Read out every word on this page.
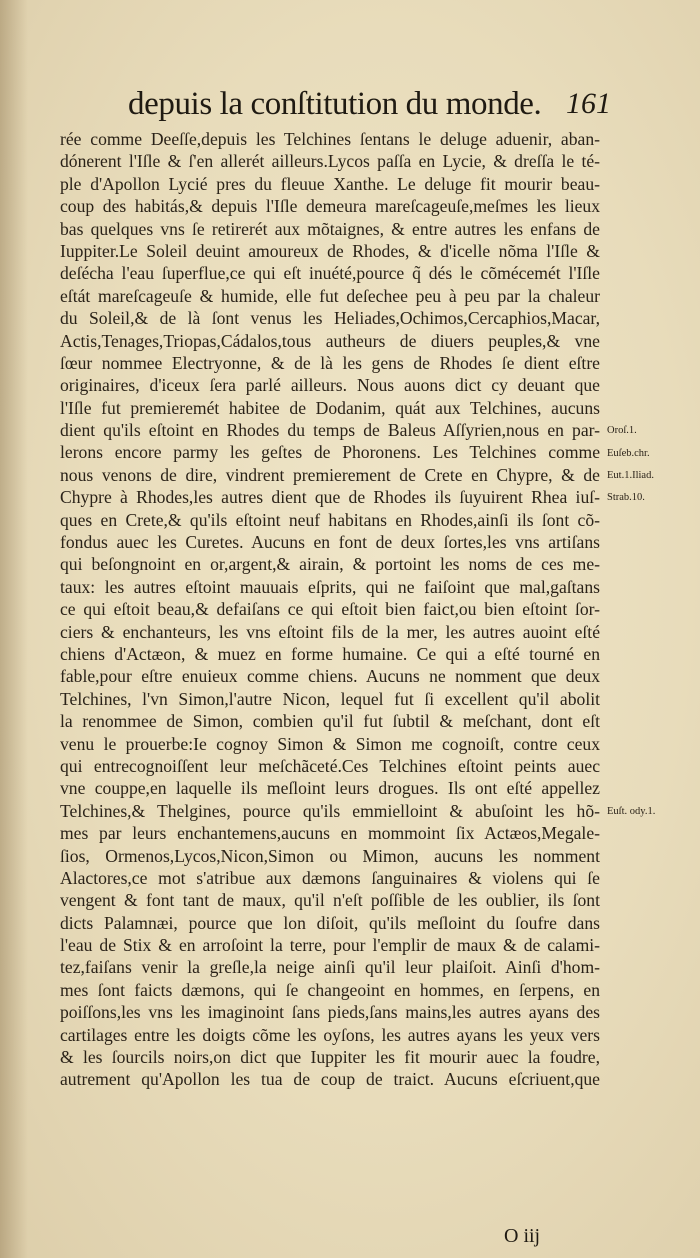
depuis la conſtitution du monde. 161
rée comme Deeſſe,depuis les Telchines ſentans le deluge aduenir, aban-
dónerent l'Iſle & ſ'en allerét ailleurs.Lycos paſſa en Lycie, & dreſſa le té-
ple d'Apollon Lycié pres du fleuue Xanthe. Le deluge fit mourir beau-
coup des habitás,& depuis l'Iſle demeura mareſcageuſe,meſmes les lieux
bas quelques vns ſe retirerét aux mõtaignes, & entre autres les enfans de
Iuppiter.Le Soleil deuint amoureux de Rhodes, & d'icelle nõma l'Iſle &
deſécha l'eau ſuperflue,ce qui eſt inuété,pource q̃ dés le cõmécemét l'Iſle
eſtát mareſcageuſe & humide, elle fut deſechee peu à peu par la chaleur
du Soleil,& de là ſont venus les Heliades,Ochimos,Cercaphios,Macar,
Actis,Tenages,Triopas,Cádalos,tous autheurs de diuers peuples,& vne
ſœur nommee Electryonne, & de là les gens de Rhodes ſe dient eſtre
originaires, d'iceux ſera parlé ailleurs. Nous auons dict cy deuant que
l'Iſle fut premieremét habitee de Dodanim, quát aux Telchines, aucuns
dient qu'ils eſtoint en Rhodes du temps de Baleus Aſſyrien,nous en par-
lerons encore parmy les geſtes de Phoronens. Les Telchines comme
nous venons de dire, vindrent premierement de Crete en Chypre, & de
Chypre à Rhodes,les autres dient que de Rhodes ils ſuyuirent Rhea iuſ-
ques en Crete,& qu'ils eſtoint neuf habitans en Rhodes,ainſi ils ſont cõ-
fondus auec les Curetes. Aucuns en font de deux ſortes,les vns artiſans
qui beſongnoint en or,argent,& airain, & portoint les noms de ces me-
taux: les autres eſtoint mauuais eſprits, qui ne faiſoint que mal,gaſtans
ce qui eſtoit beau,& defaiſans ce qui eſtoit bien faict,ou bien eſtoint ſor-
ciers & enchanteurs, les vns eſtoint fils de la mer, les autres auoint eſté
chiens d'Actæon, & muez en forme humaine. Ce qui a eſté tourné en
fable,pour eſtre enuieux comme chiens. Aucuns ne nomment que deux
Telchines, l'vn Simon,l'autre Nicon, lequel fut ſi excellent qu'il abolit
la renommee de Simon, combien qu'il fut ſubtil & meſchant, dont eſt
venu le prouerbe:Ie cognoy Simon & Simon me cognoiſt, contre ceux
qui entrecognoiſſent leur meſchãceté.Ces Telchines eſtoint peints auec
vne couppe,en laquelle ils meſloint leurs drogues. Ils ont eſté appellez
Telchines,& Thelgines, pource qu'ils emmielloint & abuſoint les hõ-
mes par leurs enchantemens,aucuns en mommoint ſix Actæos,Megale-
ſios, Ormenos,Lycos,Nicon,Simon ou Mimon, aucuns les nomment
Alactores,ce mot s'atribue aux dæmons ſanguinaires & violens qui ſe
vengent & font tant de maux, qu'il n'eſt poſſible de les oublier, ils ſont
dicts Palamnæi, pource que lon diſoit, qu'ils meſloint du ſoufre dans
l'eau de Stix & en arroſoint la terre, pour l'emplir de maux & de calami-
tez,faiſans venir la greſle,la neige ainſi qu'il leur plaiſoit. Ainſi d'hom-
mes ſont faicts dæmons, qui ſe changeoint en hommes, en ſerpens, en
poiſſons,les vns les imaginoint ſans pieds,ſans mains,les autres ayans des
cartilages entre les doigts cõme les oyſons, les autres ayans les yeux vers
& les ſourcils noirs,on dict que Iuppiter les fit mourir auec la foudre,
autrement qu'Apollon les tua de coup de traict. Aucuns eſcriuent,que
Oroſ.1.
Euſeb.chr.
Eut.1.Iliad.
Strab.10.
Euſt. ody.1.
O iij
